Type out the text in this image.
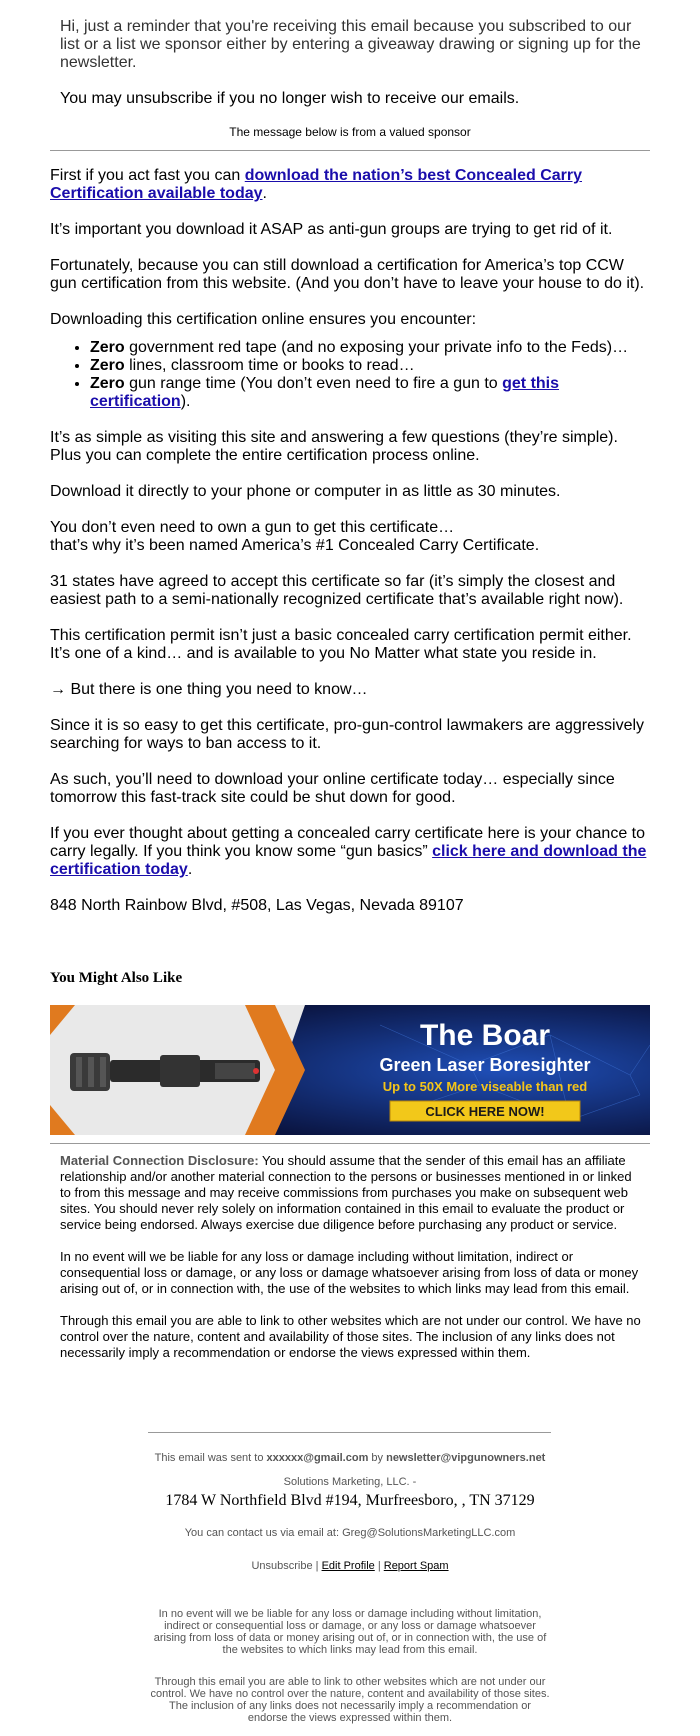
Hi, just a reminder that you're receiving this email because you subscribed to our list or a list we sponsor either by entering a giveaway drawing or signing up for the newsletter.

You may unsubscribe if you no longer wish to receive our emails.

The message below is from a valued sponsor

First if you act fast you can download the nation’s best Concealed Carry Certification available today.

It’s important you download it ASAP as anti-gun groups are trying to get rid of it.

Fortunately, because you can still download a certification for America’s top CCW gun certification from this website. (And you don’t have to leave your house to do it).

Downloading this certification online ensures you encounter:

• Zero government red tape (and no exposing your private info to the Feds)…
• Zero lines, classroom time or books to read…
• Zero gun range time (You don’t even need to fire a gun to get this certification).

It’s as simple as visiting this site and answering a few questions (they’re simple).
Plus you can complete the entire certification process online.

Download it directly to your phone or computer in as little as 30 minutes.

You don’t even need to own a gun to get this certificate…
that’s why it’s been named America’s #1 Concealed Carry Certificate.

31 states have agreed to accept this certificate so far (it’s simply the closest and easiest path to a semi-nationally recognized certificate that’s available right now).

This certification permit isn’t just a basic concealed carry certification permit either.
It’s one of a kind… and is available to you No Matter what state you reside in.

→ But there is one thing you need to know…

Since it is so easy to get this certificate, pro-gun-control lawmakers are aggressively searching for ways to ban access to it.

As such, you’ll need to download your online certificate today… especially since tomorrow this fast-track site could be shut down for good.

If you ever thought about getting a concealed carry certificate here is your chance to carry legally. If you think you know some “gun basics” click here and download the certification today.

848 North Rainbow Blvd, #508, Las Vegas, Nevada 89107

You Might Also Like
The Boar
Green Laser Boresighter
Up to 50X More viseable than red
CLICK HERE NOW!

Material Connection Disclosure: You should assume that the sender of this email has an affiliate relationship and/or another material connection to the persons or businesses mentioned in or linked to from this message and may receive commissions from purchases you make on subsequent web sites. You should never rely solely on information contained in this email to evaluate the product or service being endorsed. Always exercise due diligence before purchasing any product or service.

In no event will we be liable for any loss or damage including without limitation, indirect or consequential loss or damage, or any loss or damage whatsoever arising from loss of data or money arising out of, or in connection with, the use of the websites to which links may lead from this email.

Through this email you are able to link to other websites which are not under our control. We have no control over the nature, content and availability of those sites. The inclusion of any links does not necessarily imply a recommendation or endorse the views expressed within them.

This email was sent to xxxxxx@gmail.com by newsletter@vipgunowners.net
Solutions Marketing, LLC. -
1784 W Northfield Blvd #194, Murfreesboro, , TN 37129
You can contact us via email at: Greg@SolutionsMarketingLLC.com
Unsubscribe | Edit Profile | Report Spam
In no event will we be liable for any loss or damage including without limitation, indirect or consequential loss or damage, or any loss or damage whatsoever arising from loss of data or money arising out of, or in connection with, the use of the websites to which links may lead from this email.
Through this email you are able to link to other websites which are not under our control. We have no control over the nature, content and availability of those sites. The inclusion of any links does not necessarily imply a recommendation or endorse the views expressed within them.
